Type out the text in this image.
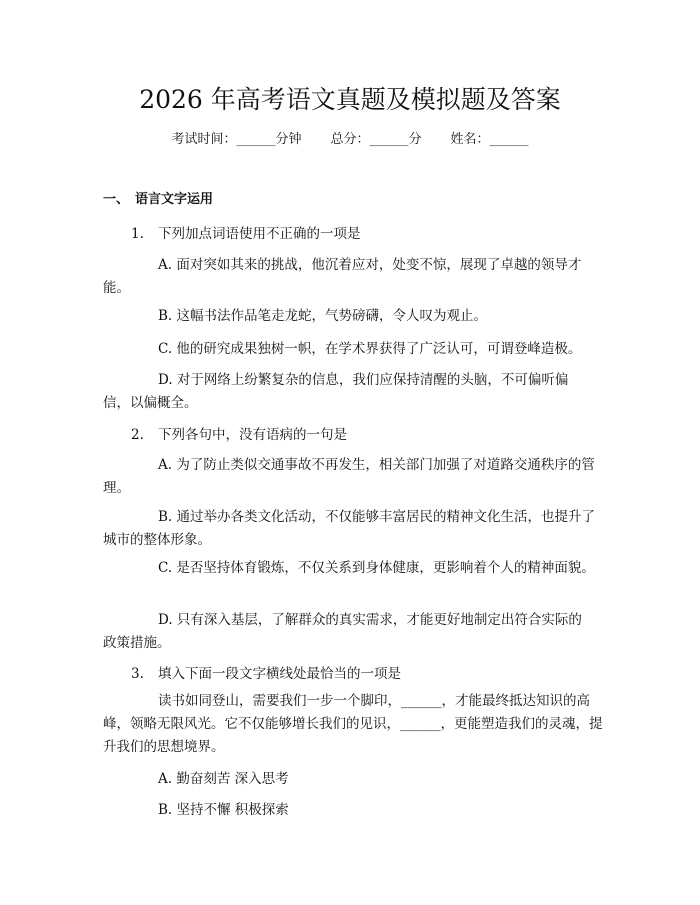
2026 年高考语文真题及模拟题及答案
考试时间：______分钟 总分：______分 姓名：______
一、 语言文字运用
1. 下列加点词语使用不正确的一项是
A. 面对突如其来的挑战，他沉着应对，处变不惊，展现了卓越的领导才能。
B. 这幅书法作品笔走龙蛇，气势磅礴，令人叹为观止。
C. 他的研究成果独树一帜，在学术界获得了广泛认可，可谓登峰造极。
D. 对于网络上纷繁复杂的信息，我们应保持清醒的头脑，不可偏听偏信，以偏概全。
2. 下列各句中，没有语病的一句是
A. 为了防止类似交通事故不再发生，相关部门加强了对道路交通秩序的管理。
B. 通过举办各类文化活动，不仅能够丰富居民的精神文化生活，也提升了城市的整体形象。
C. 是否坚持体育锻炼，不仅关系到身体健康，更影响着个人的精神面貌。
D. 只有深入基层，了解群众的真实需求，才能更好地制定出符合实际的政策措施。
3. 填入下面一段文字横线处最恰当的一项是
读书如同登山，需要我们一步一个脚印，______，才能最终抵达知识的高峰，领略无限风光。它不仅能够增长我们的见识，______，更能塑造我们的灵魂，提升我们的思想境界。
A. 勤奋刻苦 深入思考
B. 坚持不懈 积极探索
